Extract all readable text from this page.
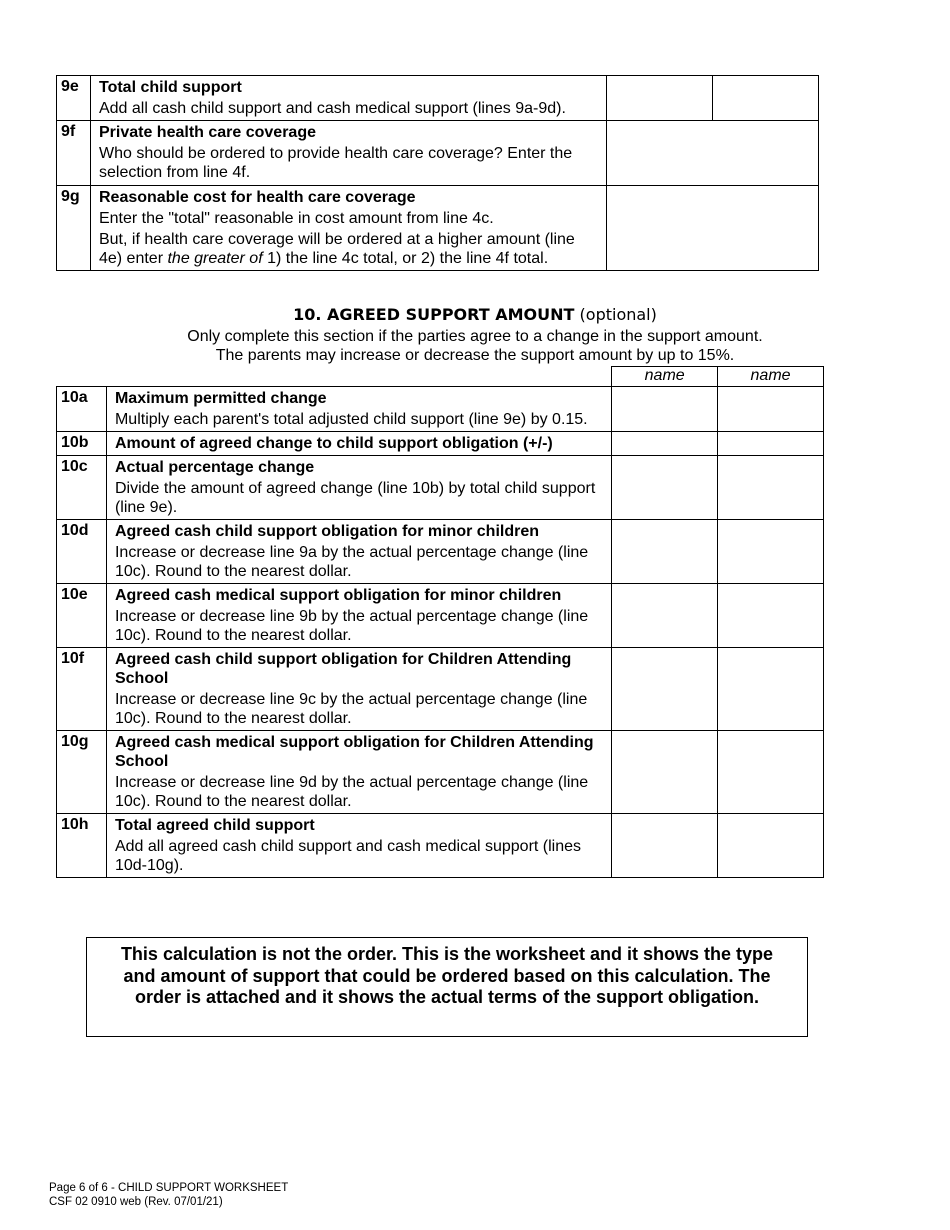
9e	Total child support
Add all cash child support and cash medical support (lines 9a-9d).		

9f	Private health care coverage
Who should be ordered to provide health care coverage? Enter the selection from line 4f.		

9g	Reasonable cost for health care coverage
Enter the "total" reasonable in cost amount from line 4c.
But, if health care coverage will be ordered at a higher amount (line 4e) enter the greater of 1) the line 4c total, or 2) the line 4f total.		

10. AGREED SUPPORT AMOUNT (optional)
Only complete this section if the parties agree to a change in the support amount.
The parents may increase or decrease the support amount by up to 15%.
		name	name
10a	Maximum permitted change
Multiply each parent's total adjusted child support (line 9e) by 0.15.		

10b	Amount of agreed change to child support obligation (+/-)		

10c	Actual percentage change
Divide the amount of agreed change (line 10b) by total child support (line 9e).		

10d	Agreed cash child support obligation for minor children
Increase or decrease line 9a by the actual percentage change (line 10c). Round to the nearest dollar.		

10e	Agreed cash medical support obligation for minor children
Increase or decrease line 9b by the actual percentage change (line 10c). Round to the nearest dollar.		

10f	Agreed cash child support obligation for Children Attending School
Increase or decrease line 9c by the actual percentage change (line 10c). Round to the nearest dollar.		

10g	Agreed cash medical support obligation for Children Attending School
Increase or decrease line 9d by the actual percentage change (line 10c). Round to the nearest dollar.		

10h	Total agreed child support
Add all agreed cash child support and cash medical support (lines 10d-10g).		

This calculation is not the order. This is the worksheet and it shows the type and amount of support that could be ordered based on this calculation. The order is attached and it shows the actual terms of the support obligation.
Page 6 of 6 - CHILD SUPPORT WORKSHEET
CSF 02 0910 web (Rev. 07/01/21)
